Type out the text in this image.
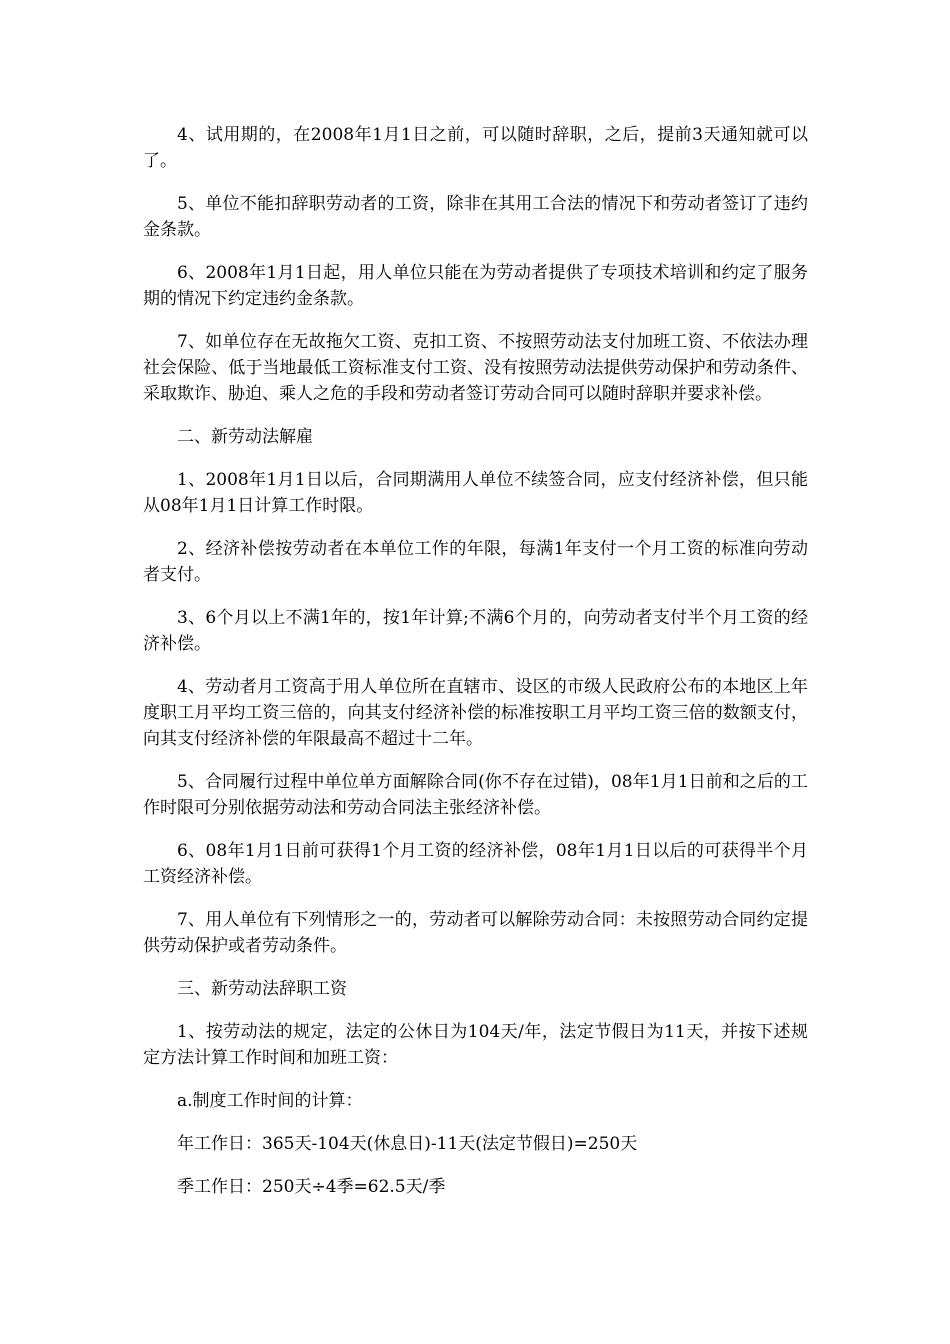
4、试用期的，在2008年1月1日之前，可以随时辞职，之后，提前3天通知就可以了。

5、单位不能扣辞职劳动者的工资，除非在其用工合法的情况下和劳动者签订了违约金条款。

6、2008年1月1日起，用人单位只能在为劳动者提供了专项技术培训和约定了服务期的情况下约定违约金条款。

7、如单位存在无故拖欠工资、克扣工资、不按照劳动法支付加班工资、不依法办理社会保险、低于当地最低工资标准支付工资、没有按照劳动法提供劳动保护和劳动条件、采取欺诈、胁迫、乘人之危的手段和劳动者签订劳动合同可以随时辞职并要求补偿。

二、新劳动法解雇

1、2008年1月1日以后，合同期满用人单位不续签合同，应支付经济补偿，但只能从08年1月1日计算工作时限。

2、经济补偿按劳动者在本单位工作的年限，每满1年支付一个月工资的标准向劳动者支付。

3、6个月以上不满1年的，按1年计算;不满6个月的，向劳动者支付半个月工资的经济补偿。

4、劳动者月工资高于用人单位所在直辖市、设区的市级人民政府公布的本地区上年度职工月平均工资三倍的，向其支付经济补偿的标准按职工月平均工资三倍的数额支付，向其支付经济补偿的年限最高不超过十二年。

5、合同履行过程中单位单方面解除合同(你不存在过错)，08年1月1日前和之后的工作时限可分别依据劳动法和劳动合同法主张经济补偿。

6、08年1月1日前可获得1个月工资的经济补偿，08年1月1日以后的可获得半个月工资经济补偿。

7、用人单位有下列情形之一的，劳动者可以解除劳动合同：未按照劳动合同约定提供劳动保护或者劳动条件。

三、新劳动法辞职工资

1、按劳动法的规定，法定的公休日为104天/年，法定节假日为11天，并按下述规定方法计算工作时间和加班工资：

a.制度工作时间的计算：

年工作日：365天-104天(休息日)-11天(法定节假日)=250天

季工作日：250天÷4季=62.5天/季
